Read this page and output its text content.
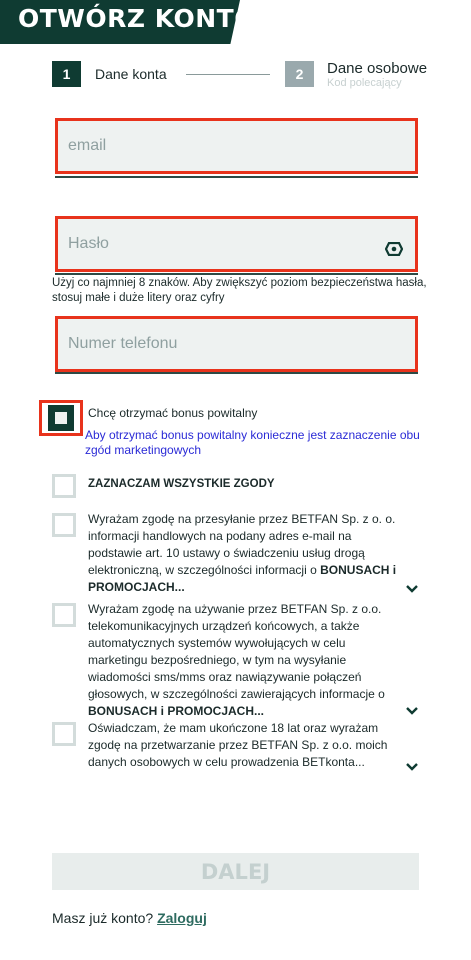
OTWÓRZ KONTO
1	Dane konta	2	Dane osobowe
Kod polecający
email
Użyj co najmniej 8 znaków. Aby zwiększyć poziom bezpieczeństwa hasła, stosuj małe i duże litery oraz cyfry
Numer telefonu
Chcę otrzymać bonus powitalny
Aby otrzymać bonus powitalny konieczne jest zaznaczenie obu zgód marketingowych
ZAZNACZAM WSZYSTKIE ZGODY
Wyrażam zgodę na przesyłanie przez BETFAN Sp. z o. o. informacji handlowych na podany adres e-mail na podstawie art. 10 ustawy o świadczeniu usług drogą elektroniczną, w szczególności informacji o BONUSACH i PROMOCJACH...
Wyrażam zgodę na używanie przez BETFAN Sp. z o.o. telekomunikacyjnych urządzeń końcowych, a także automatycznych systemów wywołujących w celu marketingu bezpośredniego, w tym na wysyłanie wiadomości sms/mms oraz nawiązywanie połączeń głosowych, w szczególności zawierających informacje o BONUSACH i PROMOCJACH...
Oświadczam, że mam ukończone 18 lat oraz wyrażam zgodę na przetwarzanie przez BETFAN Sp. z o.o. moich danych osobowych w celu prowadzenia BETkonta...
DALEJ
Masz już konto? Zaloguj
